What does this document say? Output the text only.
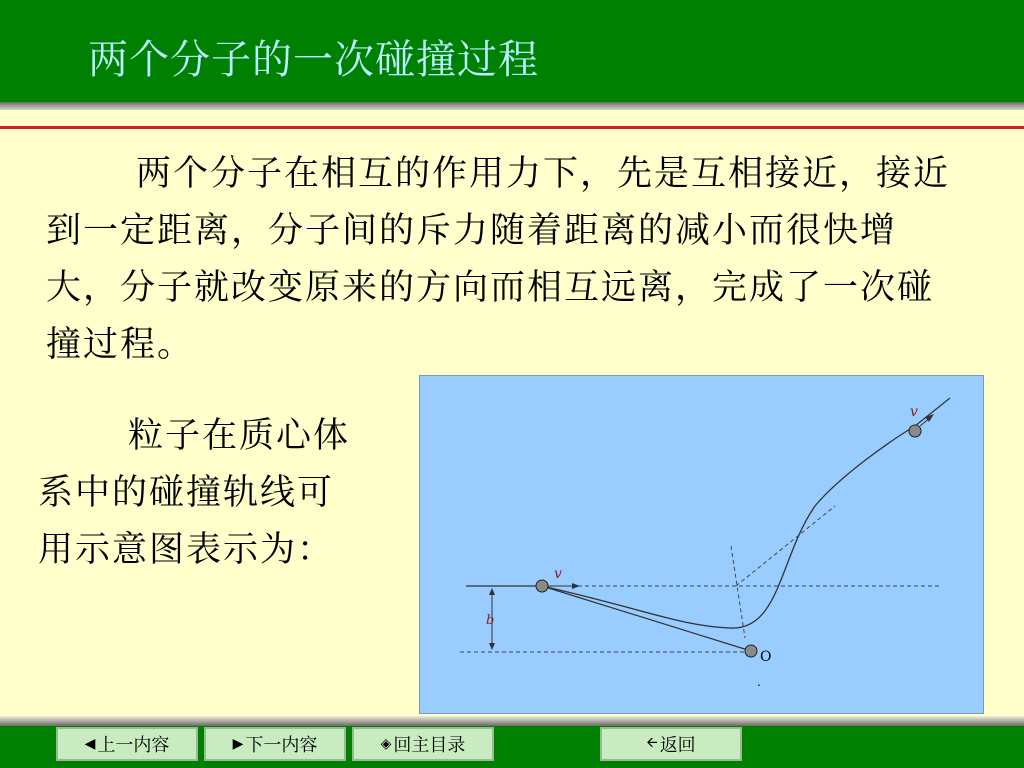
两个分子的一次碰撞过程

两个分子在相互的作用力下，先是互相接近，接近到一定距离，分子间的斥力随着距离的减小而很快增大，分子就改变原来的方向而相互远离，完成了一次碰撞过程。

粒子在质心体系中的碰撞轨线可用示意图表示为：

v
v
b
O
.
◀ 上一内容	▶ 下一内容	◈ 回主目录	🡨 返回
